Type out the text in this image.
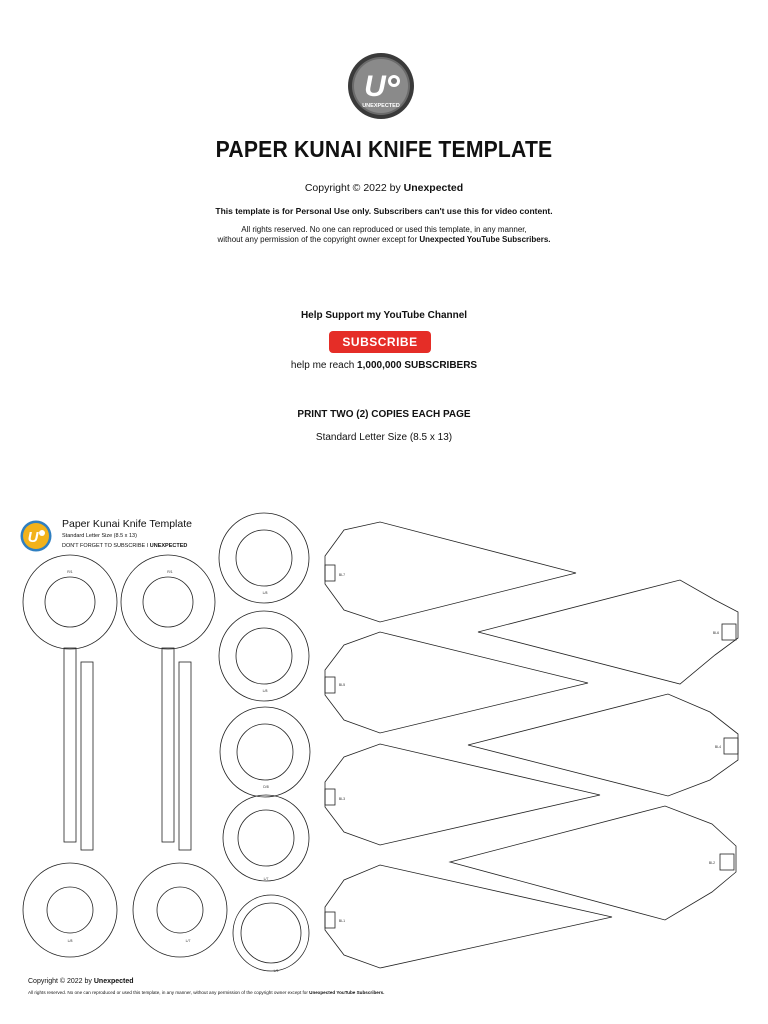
U
UNEXPECTED
PAPER KUNAI KNIFE TEMPLATE
Copyright © 2022 by Unexpected
This template is for Personal Use only. Subscribers can't use this for video content.
All rights reserved. No one can reproduced or used this template, in any manner,
without any permission of the copyright owner except for Unexpected YouTube Subscribers.
Help Support my YouTube Channel
SUBSCRIBE
help me reach 1,000,000 SUBSCRIBERS
PRINT TWO (2) COPIES EACH PAGE
Standard Letter Size (8.5 x 13)
R/1	R/1
L/8	L/7
L/8
L/8
D/8
L/7
L/2
BL7
BL6
BL5
BL4
BL3
BL2
BL1
U
Paper Kunai Knife Template
Standard Letter Size (8.5 x 13)
DON'T FORGET TO SUBSCRIBE I UNEXPECTED
Copyright © 2022 by Unexpected
All rights reserved. No one can reproduced or used this template, in any manner, without any permission of the copyright owner except for Unexpected YouTube Subscribers.
